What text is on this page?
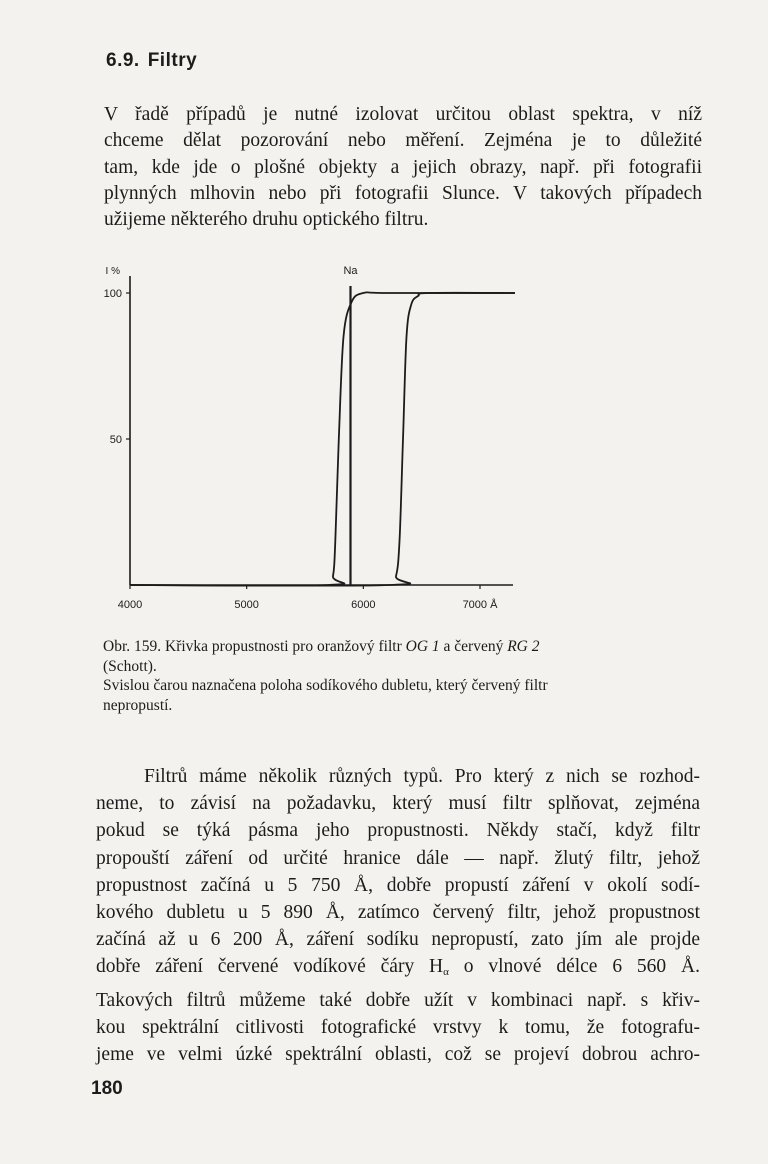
6.9. Filtry

V řadě případů je nutné izolovat určitou oblast spektra, v níž
chceme dělat pozorování nebo měření. Zejména je to důležité
tam, kde jde o plošné objekty a jejich obrazy, např. při fotografii
plynných mlhovin nebo při fotografii Slunce. V takových případech
užijeme některého druhu optického filtru.

50
100
4000	5000	6000	7000 Å
I %	Na

Obr. 159. Křivka propustnosti pro oranžový filtr OG 1 a červený RG 2
(Schott).
Svislou čarou naznačena poloha sodíkového dubletu, který červený filtr
nepropustí.

Filtrů máme několik různých typů. Pro který z nich se rozhod-
neme, to závisí na požadavku, který musí filtr splňovat, zejména
pokud se týká pásma jeho propustnosti. Někdy stačí, když filtr
propouští záření od určité hranice dále — např. žlutý filtr, jehož
propustnost začíná u 5 750 Å, dobře propustí záření v okolí sodí-
kového dubletu u 5 890 Å, zatímco červený filtr, jehož propustnost
začíná až u 6 200 Å, záření sodíku nepropustí, zato jím ale projde
dobře záření červené vodíkové čáry $H_\alpha$ o vlnové délce 6 560 Å.
Takových filtrů můžeme také dobře užít v kombinaci např. s křiv-
kou spektrální citlivosti fotografické vrstvy k tomu, že fotografu-
jeme ve velmi úzké spektrální oblasti, což se projeví dobrou achro-

180
